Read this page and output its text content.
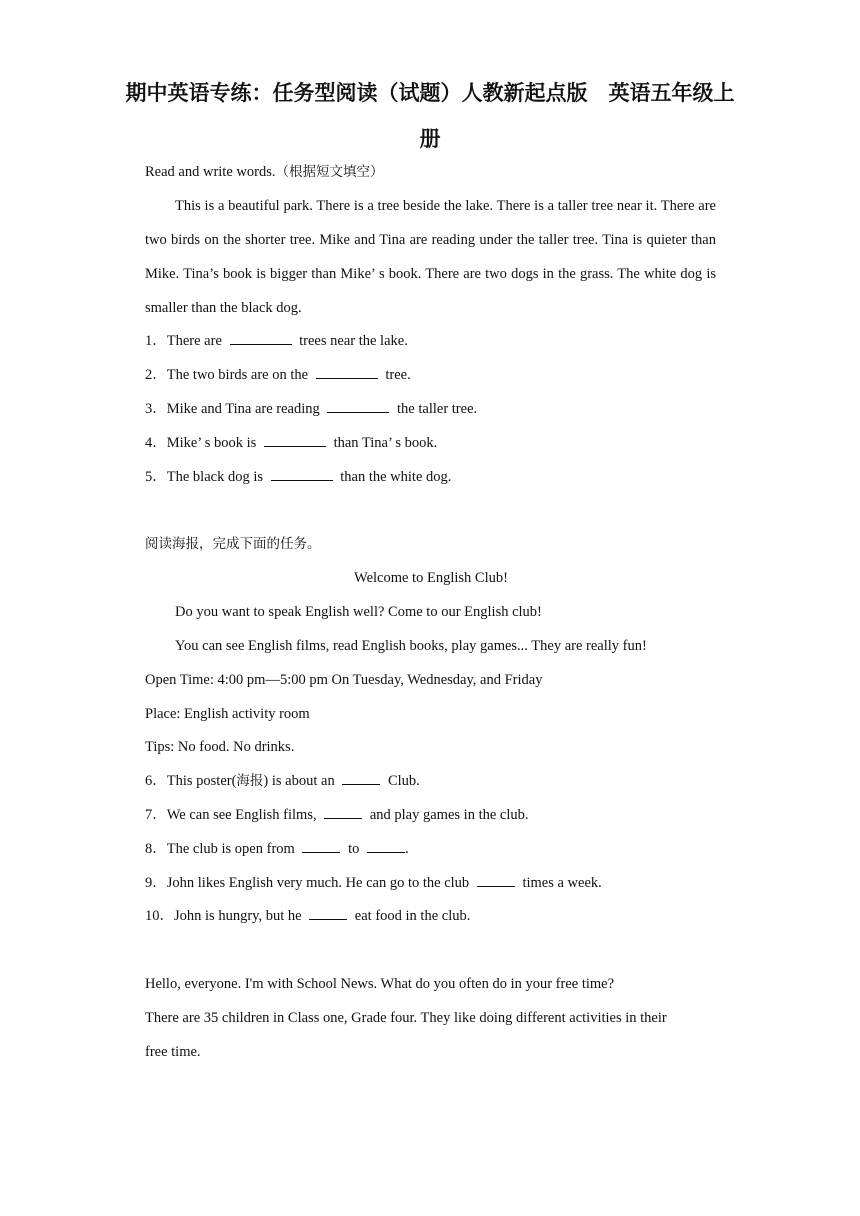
期中英语专练：任务型阅读（试题）人教新起点版　英语五年级上册
Read and write words.（根据短文填空）
This is a beautiful park. There is a tree beside the lake. There is a taller tree near it. There are two birds on the shorter tree. Mike and Tina are reading under the taller tree. Tina is quieter than Mike. Tina’s book is bigger than Mike’ s book. There are two dogs in the grass. The white dog is smaller than the black dog.
1．There are	trees near the lake.
2．The two birds are on the	tree.
3．Mike and Tina are reading	the taller tree.
4．Mike’ s book is	than Tina’ s book.
5．The black dog is	than the white dog.
阅读海报，完成下面的任务。
Welcome to English Club!
Do you want to speak English well? Come to our English club!
You can see English films, read English books, play games... They are really fun!
Open Time: 4:00 pm—5:00 pm On Tuesday, Wednesday, and Friday
Place: English activity room
Tips: No food. No drinks.
6．This poster(海报) is about an	Club.
7．We can see English films,	and play games in the club.
8．The club is open from	to	.
9．John likes English very much. He can go to the club	times a week.
10．John is hungry, but he	eat food in the club.
Hello, everyone. I'm with School News. What do you often do in your free time?
There are 35 children in Class one, Grade four. They like doing different activities in their
free time.
